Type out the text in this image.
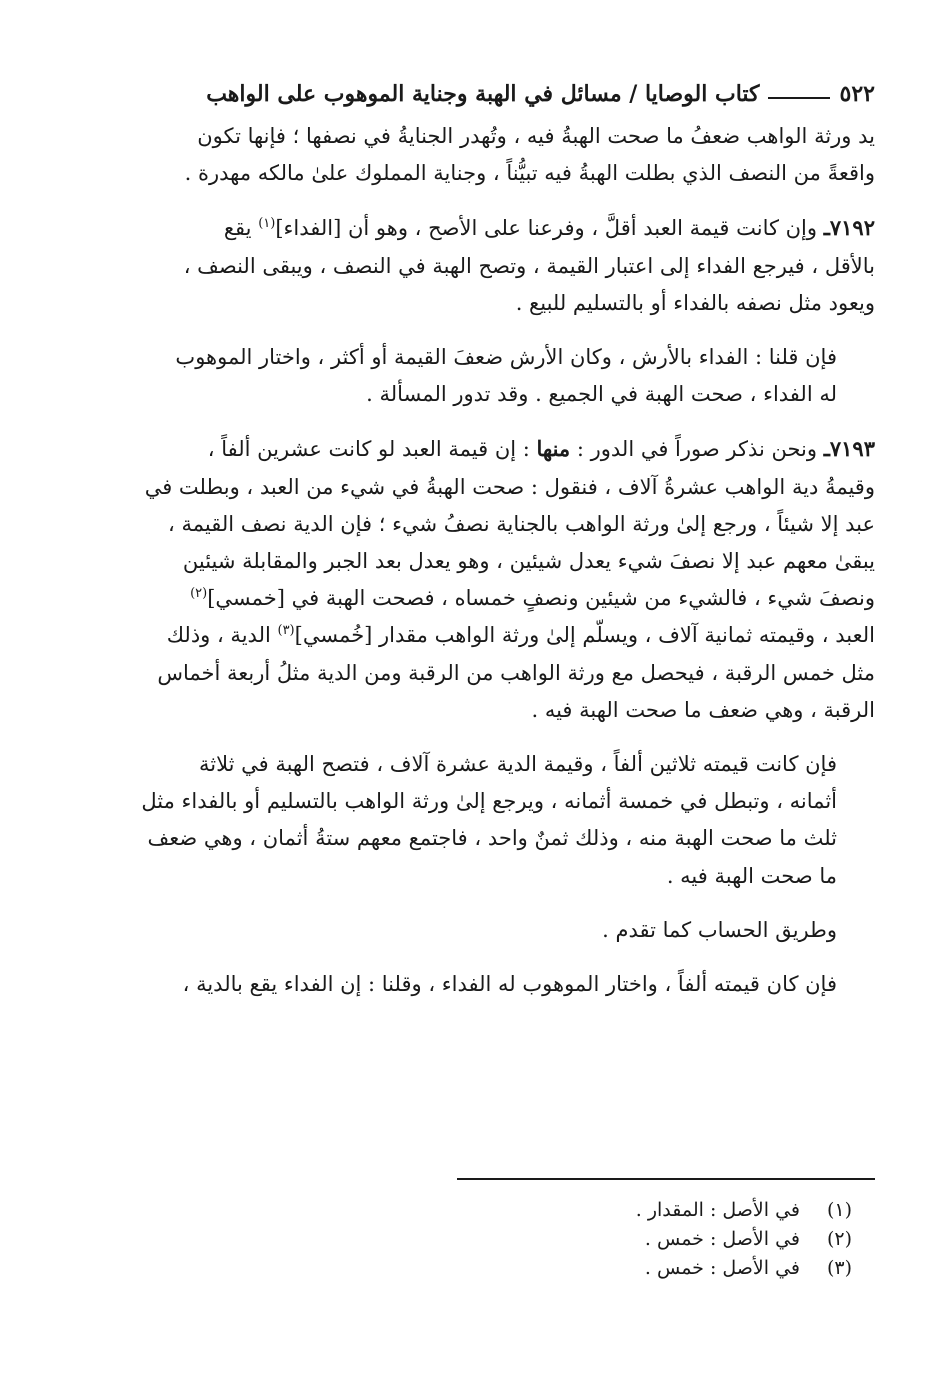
٥٢٢
كتاب الوصايا / مسائل في الهبة وجناية الموهوب على الواهب

يد ورثة الواهب ضعفُ ما صحت الهبةُ فيه ، وتُهدر الجنايةُ في نصفها ؛ فإنها تكون
واقعةً من النصف الذي بطلت الهبةُ فيه تبيُّناً ، وجناية المملوك علىٰ مالكه مهدرة .

٧١٩٢ـ وإن كانت قيمة العبد أقلَّ ، وفرعنا على الأصح ، وهو أن [الفداء]$^{(١)}$ يقع
بالأقل ، فيرجع الفداء إلى اعتبار القيمة ، وتصح الهبة في النصف ، ويبقى النصف ،
ويعود مثل نصفه بالفداء أو بالتسليم للبيع .

فإن قلنا : الفداء بالأرش ، وكان الأرش ضعفَ القيمة أو أكثر ، واختار الموهوب
له الفداء ، صحت الهبة في الجميع . وقد تدور المسألة .

٧١٩٣ـ ونحن نذكر صوراً في الدور : منها : إن قيمة العبد لو كانت عشرين ألفاً ،
وقيمةُ دية الواهب عشرةُ آلاف ، فنقول : صحت الهبةُ في شيء من العبد ، وبطلت في
عبد إلا شيئاً ، ورجع إلىٰ ورثة الواهب بالجناية نصفُ شيء ؛ فإن الدية نصف القيمة ،
يبقىٰ معهم عبد إلا نصفَ شيء يعدل شيئين ، وهو يعدل بعد الجبر والمقابلة شيئين
ونصفَ شيء ، فالشيء من شيئين ونصفٍ خمساه ، فصحت الهبة في [خمسي]$^{(٢)}$
العبد ، وقيمته ثمانية آلاف ، ويسلّم إلىٰ ورثة الواهب مقدار [خُمسي]$^{(٣)}$ الدية ، وذلك
مثل خمس الرقبة ، فيحصل مع ورثة الواهب من الرقبة ومن الدية مثلُ أربعة أخماس
الرقبة ، وهي ضعف ما صحت الهبة فيه .

فإن كانت قيمته ثلاثين ألفاً ، وقيمة الدية عشرة آلاف ، فتصح الهبة في ثلاثة
أثمانه ، وتبطل في خمسة أثمانه ، ويرجع إلىٰ ورثة الواهب بالتسليم أو بالفداء مثل
ثلث ما صحت الهبة منه ، وذلك ثمنٌ واحد ، فاجتمع معهم ستةُ أثمان ، وهي ضعف
ما صحت الهبة فيه .

وطريق الحساب كما تقدم .

فإن كان قيمته ألفاً ، واختار الموهوب له الفداء ، وقلنا : إن الفداء يقع بالدية ،

(١)
في الأصل : المقدار .
(٢)
في الأصل : خمس .
(٣)
في الأصل : خمس .
